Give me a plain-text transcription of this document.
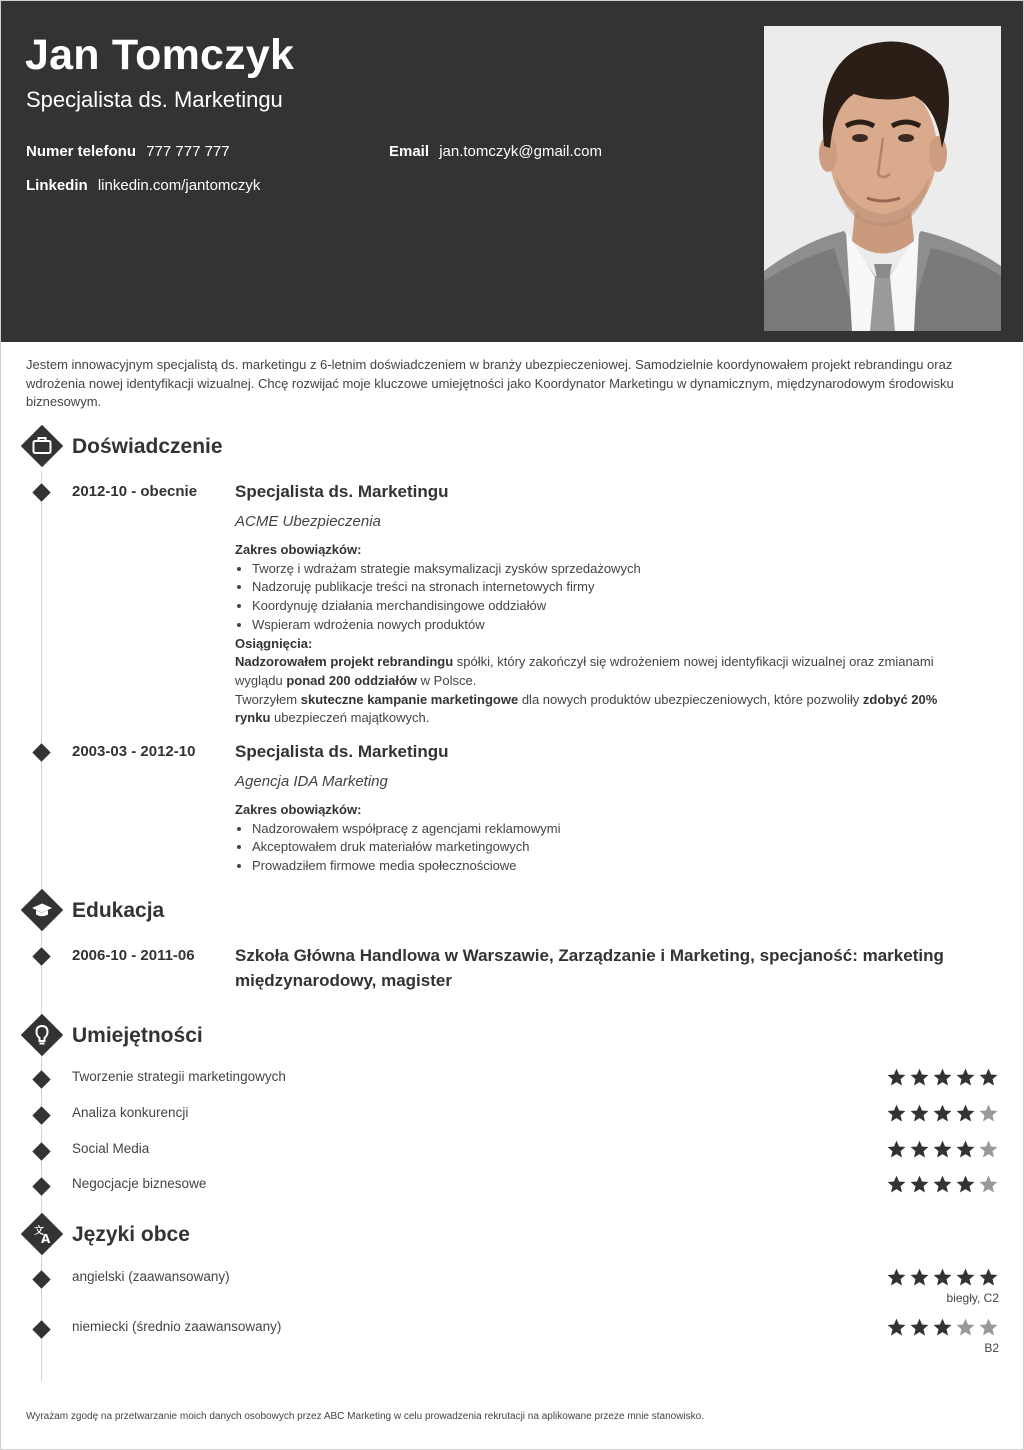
Jan Tomczyk
Specjalista ds. Marketingu
Numer telefonu 777 777 777	Email jan.tomczyk@gmail.com
Linkedin linkedin.com/jantomczyk
Jestem innowacyjnym specjalistą ds. marketingu z 6-letnim doświadczeniem w branży ubezpieczeniowej. Samodzielnie koordynowałem projekt rebrandingu oraz wdrożenia nowej identyfikacji wizualnej. Chcę rozwijać moje kluczowe umiejętności jako Koordynator Marketingu w dynamicznym, międzynarodowym środowisku biznesowym.
Doświadczenie
2012-10 - obecnie Specjalista ds. Marketingu
ACME Ubezpieczenia
Zakres obowiązków:
• Tworzę i wdrażam strategie maksymalizacji zysków sprzedażowych
• Nadzoruję publikacje treści na stronach internetowych firmy
• Koordynuję działania merchandisingowe oddziałów
• Wspieram wdrożenia nowych produktów
Osiągnięcia:
Nadzorowałem projekt rebrandingu spółki, który zakończył się wdrożeniem nowej identyfikacji wizualnej oraz zmianami wyglądu ponad 200 oddziałów w Polsce.
Tworzyłem skuteczne kampanie marketingowe dla nowych produktów ubezpieczeniowych, które pozwoliły zdobyć 20% rynku ubezpieczeń majątkowych.
2003-03 - 2012-10 Specjalista ds. Marketingu
Agencja IDA Marketing
Zakres obowiązków:
• Nadzorowałem współpracę z agencjami reklamowymi
• Akceptowałem druk materiałów marketingowych
• Prowadziłem firmowe media społecznościowe
Edukacja
2006-10 - 2011-06 Szkoła Główna Handlowa w Warszawie, Zarządzanie i Marketing, specjaność: marketing międzynarodowy, magister
Umiejętności
Tworzenie strategii marketingowych
Analiza konkurencji
Social Media
Negocjacje biznesowe
文
A Języki obce
angielski (zaawansowany)
biegły, C2
niemiecki (średnio zaawansowany)
B2
Wyrażam zgodę na przetwarzanie moich danych osobowych przez ABC Marketing w celu prowadzenia rekrutacji na aplikowane przeze mnie stanowisko.
